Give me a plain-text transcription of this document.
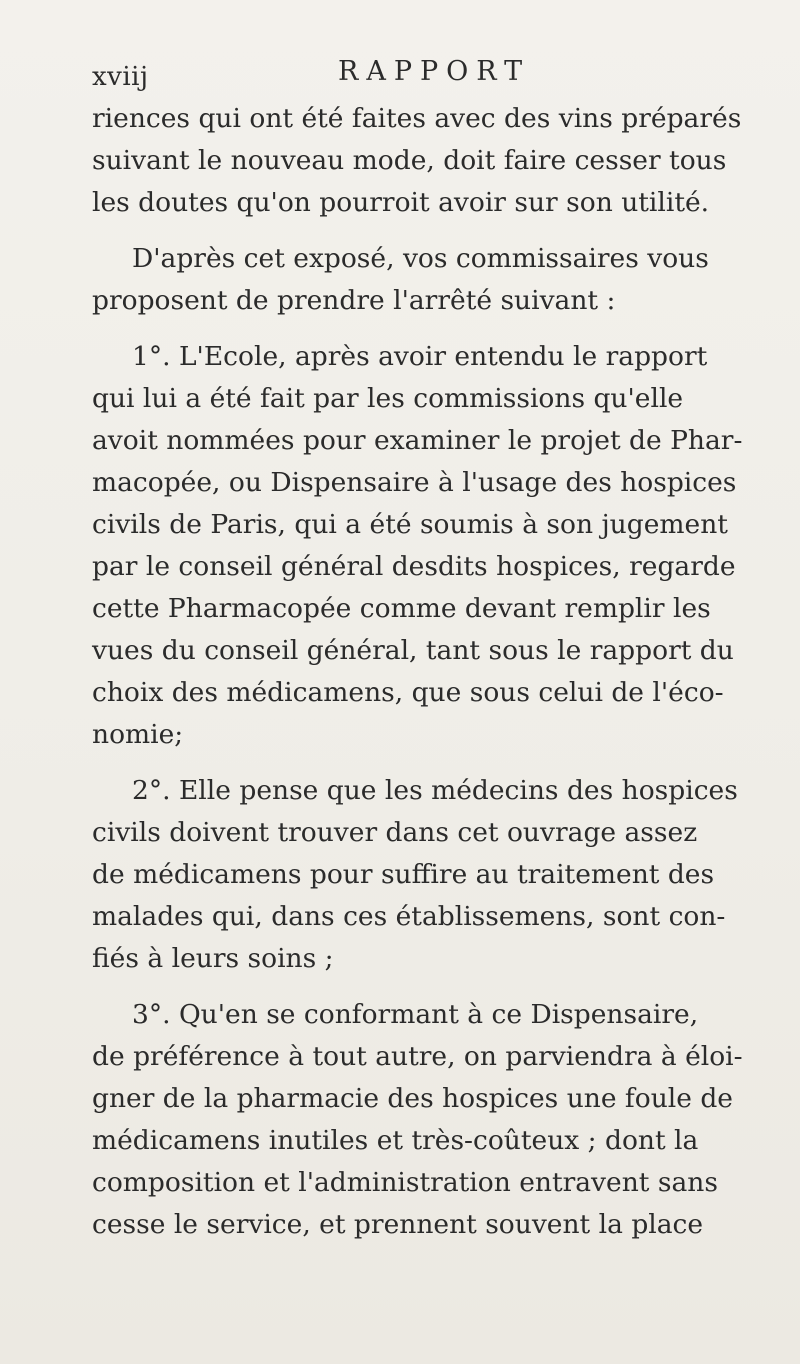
xviij	RAPPORT
riences qui ont été faites avec des vins préparés
suivant le nouveau mode, doit faire cesser tous
les doutes qu'on pourroit avoir sur son utilité.
D'après cet exposé, vos commissaires vous
proposent de prendre l'arrêté suivant :
1°. L'Ecole, après avoir entendu le rapport
qui lui a été fait par les commissions qu'elle
avoit nommées pour examiner le projet de Phar-
macopée, ou Dispensaire à l'usage des hospices
civils de Paris, qui a été soumis à son jugement
par le conseil général desdits hospices, regarde
cette Pharmacopée comme devant remplir les
vues du conseil général, tant sous le rapport du
choix des médicamens, que sous celui de l'éco-
nomie;
2°. Elle pense que les médecins des hospices
civils doivent trouver dans cet ouvrage assez
de médicamens pour suffire au traitement des
malades qui, dans ces établissemens, sont con-
fiés à leurs soins ;
3°. Qu'en se conformant à ce Dispensaire,
de préférence à tout autre, on parviendra à éloi-
gner de la pharmacie des hospices une foule de
médicamens inutiles et très-coûteux ; dont la
composition et l'administration entravent sans
cesse le service, et prennent souvent la place
